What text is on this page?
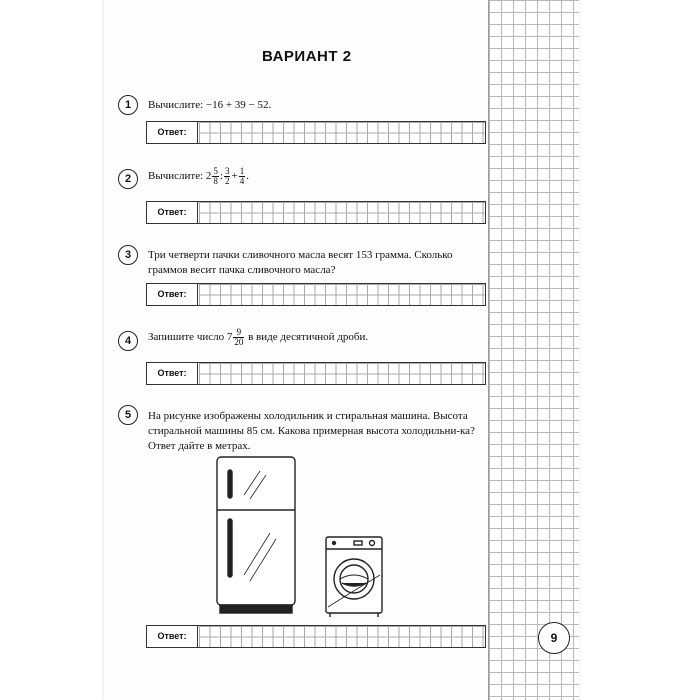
ВАРИАНТ 2
1	Вычислите: −16 + 39 − 52.
Ответ:
2	Вычислите: $2 \frac{5}{8}$ : $\frac{3}{2} + \frac{1}{4}$ .
Ответ:
3	Три четверти пачки сливочного масла весят 153 грамма. Сколько граммов весит пачка сливочного масла?
Ответ:
4	Запишите число $7 \frac{9}{20}$ в виде десятичной дроби.
Ответ:
5	На рисунке изображены холодильник и стиральная машина. Высота стиральной машины 85 см. Какова примерная высота холодильни-ка? Ответ дайте в метрах.
Ответ:	9
